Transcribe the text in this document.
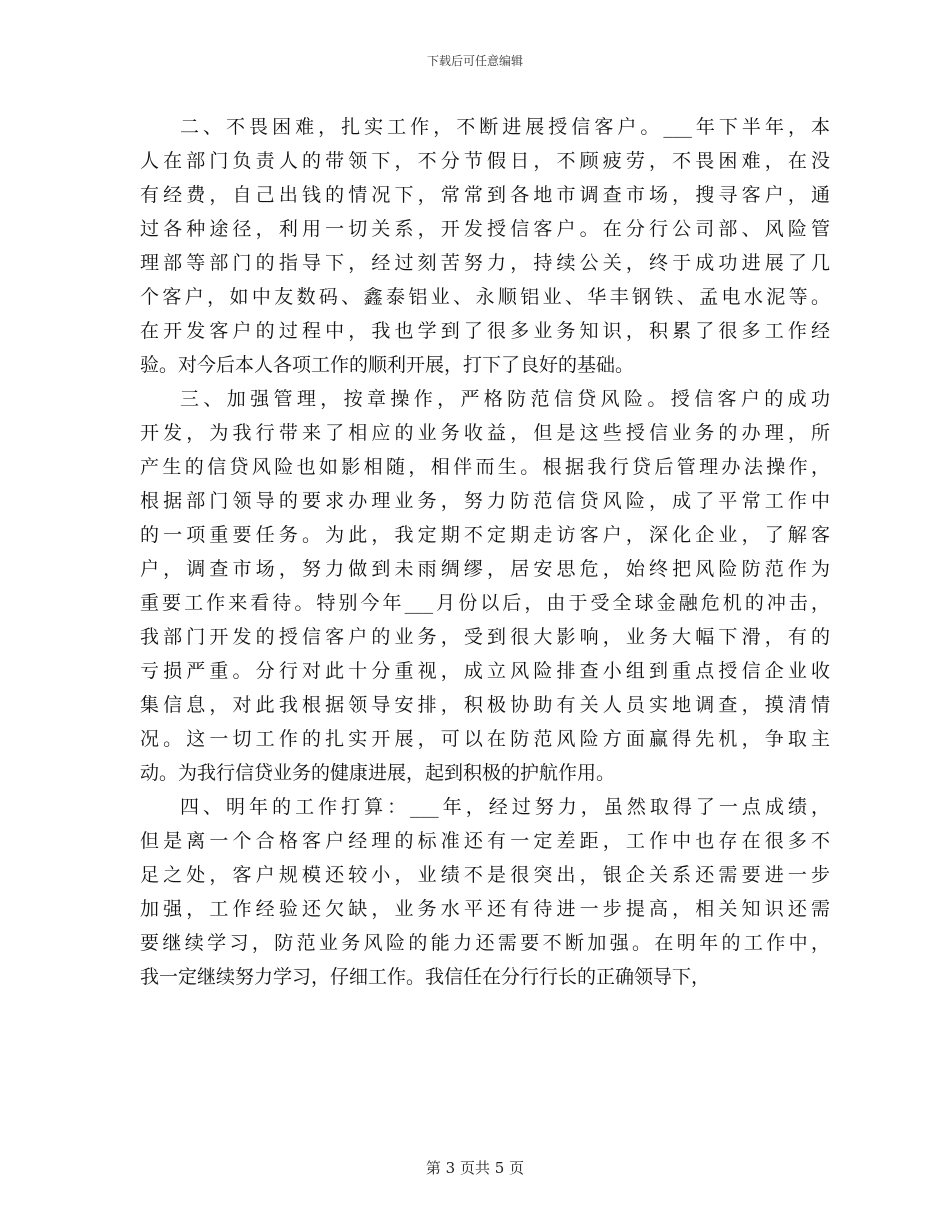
下载后可任意编辑
二、不畏困难，扎实工作，不断进展授信客户。___年下半年，本
人在部门负责人的带领下，不分节假日，不顾疲劳，不畏困难，在没
有经费，自己出钱的情况下，常常到各地市调查市场，搜寻客户，通
过各种途径，利用一切关系，开发授信客户。在分行公司部、风险管
理部等部门的指导下，经过刻苦努力，持续公关，终于成功进展了几
个客户，如中友数码、鑫泰铝业、永顺铝业、华丰钢铁、孟电水泥等。
在开发客户的过程中，我也学到了很多业务知识，积累了很多工作经
验。对今后本人各项工作的顺利开展，打下了良好的基础。
三、加强管理，按章操作，严格防范信贷风险。授信客户的成功
开发，为我行带来了相应的业务收益，但是这些授信业务的办理，所
产生的信贷风险也如影相随，相伴而生。根据我行贷后管理办法操作，
根据部门领导的要求办理业务，努力防范信贷风险，成了平常工作中
的一项重要任务。为此，我定期不定期走访客户，深化企业，了解客
户，调查市场，努力做到未雨绸缪，居安思危，始终把风险防范作为
重要工作来看待。特别今年___月份以后，由于受全球金融危机的冲击，
我部门开发的授信客户的业务，受到很大影响，业务大幅下滑，有的
亏损严重。分行对此十分重视，成立风险排查小组到重点授信企业收
集信息，对此我根据领导安排，积极协助有关人员实地调查，摸清情
况。这一切工作的扎实开展，可以在防范风险方面赢得先机，争取主
动。为我行信贷业务的健康进展，起到积极的护航作用。
四、明年的工作打算：___年，经过努力，虽然取得了一点成绩，
但是离一个合格客户经理的标准还有一定差距，工作中也存在很多不
足之处，客户规模还较小，业绩不是很突出，银企关系还需要进一步
加强，工作经验还欠缺，业务水平还有待进一步提高，相关知识还需
要继续学习，防范业务风险的能力还需要不断加强。在明年的工作中，
我一定继续努力学习，仔细工作。我信任在分行行长的正确领导下，
第 3 页共 5 页
